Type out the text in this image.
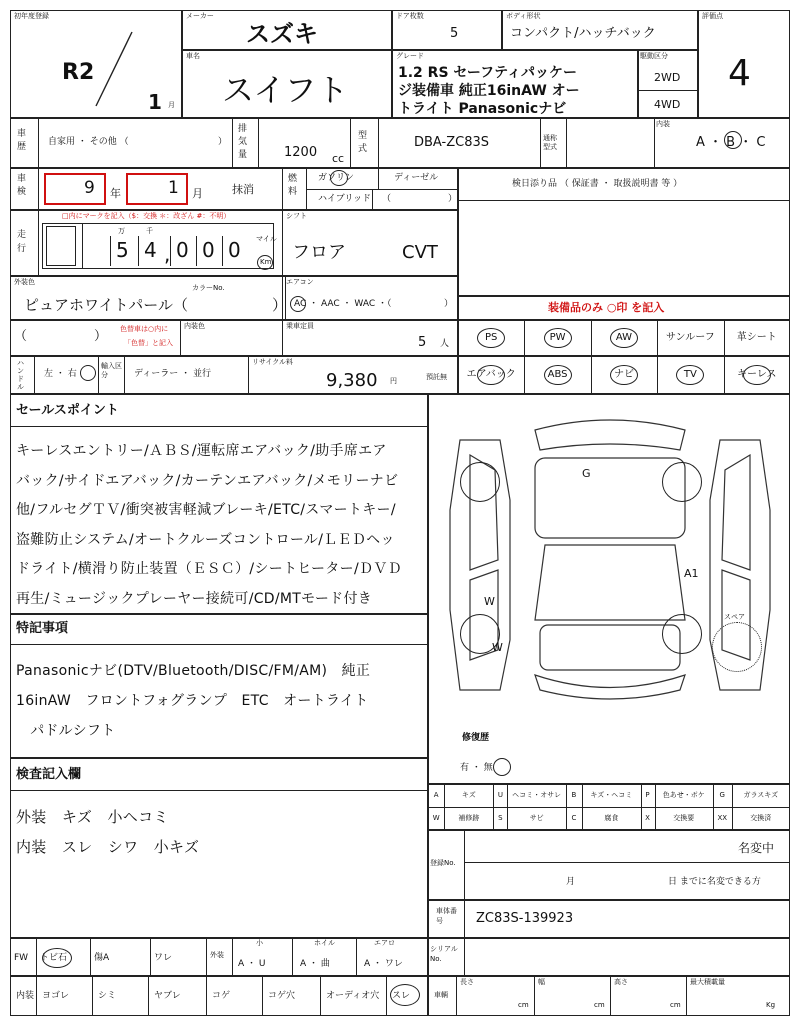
初年度登録
R2
1 月
メーカー
スズキ
ドア枚数
5
ボディ形状
コンパクト/ハッチバック
評価点
4
車名
スイフト
グレード
1.2 RS セーフティパッケー
ジ装備車 純正16inAW オー
トライト Panasonicナビ
駆動区分
2WD
4WD
車歴	自家用 ・ その他 （	）
排気量	1200 cc
型式	DBA-ZC83S	通称型式
内装
A ・ B ・ C
車検	9 年	1 月	抹消
燃料
ガソリン	ディーゼル
ハイブリッド （	）
検日添り品 （ 保証書 ・ 取扱説明書 等 ）
走行
□内にマークを記入（$：交換 ＊：改ざん #：不明）
万	千
5 4 0 0 0
,
マイル
Km
シフト
フロア	CVT
外装色
カラーNo.
ピュアホワイトパール（	）
エアコン
AC ・ AAC ・ WAC ・（	）	装備品のみ ○印 を記入
（	） 色替車は○内に
「色替」と記入
内装色	乗車定員
5 人
PS	PW	AW	サンルーフ	革シート
エアバック	ABS	ナビ	TV	キーレス
ハンドル
左 ・ 右
輸入区分	ディーラー ・ 並行
リサイクル料
9,380 円	預託無
セールスポイント
キーレスエントリー/ＡＢＳ/運転席エアバック/助手席エア
バック/サイドエアバック/カーテンエアバック/メモリーナビ
他/フルセグＴＶ/衝突被害軽減ブレーキ/ETC/スマートキー/
盗難防止システム/オートクルーズコントロール/ＬＥＤヘッ
ドライト/横滑り防止装置（ＥＳＣ）/シートヒーター/ＤＶＤ
再生/ミュージックプレーヤー接続可/CD/MTモード付き
特記事項
Panasonicナビ(DTV/Bluetooth/DISC/FM/AM)　純正
16inAW　フロントフォグランプ　ETC　オートライト
　パドルシフト
検査記入欄
外装　キズ　小ヘコミ
内装　スレ　シワ　小キズ
スペア
G
A1
W
W
修復歴
有 ・ 無
A	キズ	U	ヘコミ・オサレ	B	キズ・ヘコミ	P	色あせ・ボケ	G	ガラスキズ
W	補修跡	S	サビ	C	腐食	X	交換要	XX	交換済
登録No.
名変中
月	日 までに名変できる方
車体番号	ZC83S-139923
シリアルNo.
車輌
長さ
cm
幅
cm
高さ
cm
最大積載量
Kg
FW トビ石	傷A	ワレ	外装
小
A ・ U
ホイル
A ・ 曲
エアロ
A ・ ワレ
内装 ヨゴレ	シミ	ヤブレ	コゲ	コゲ穴	オーディオ穴 スレ
